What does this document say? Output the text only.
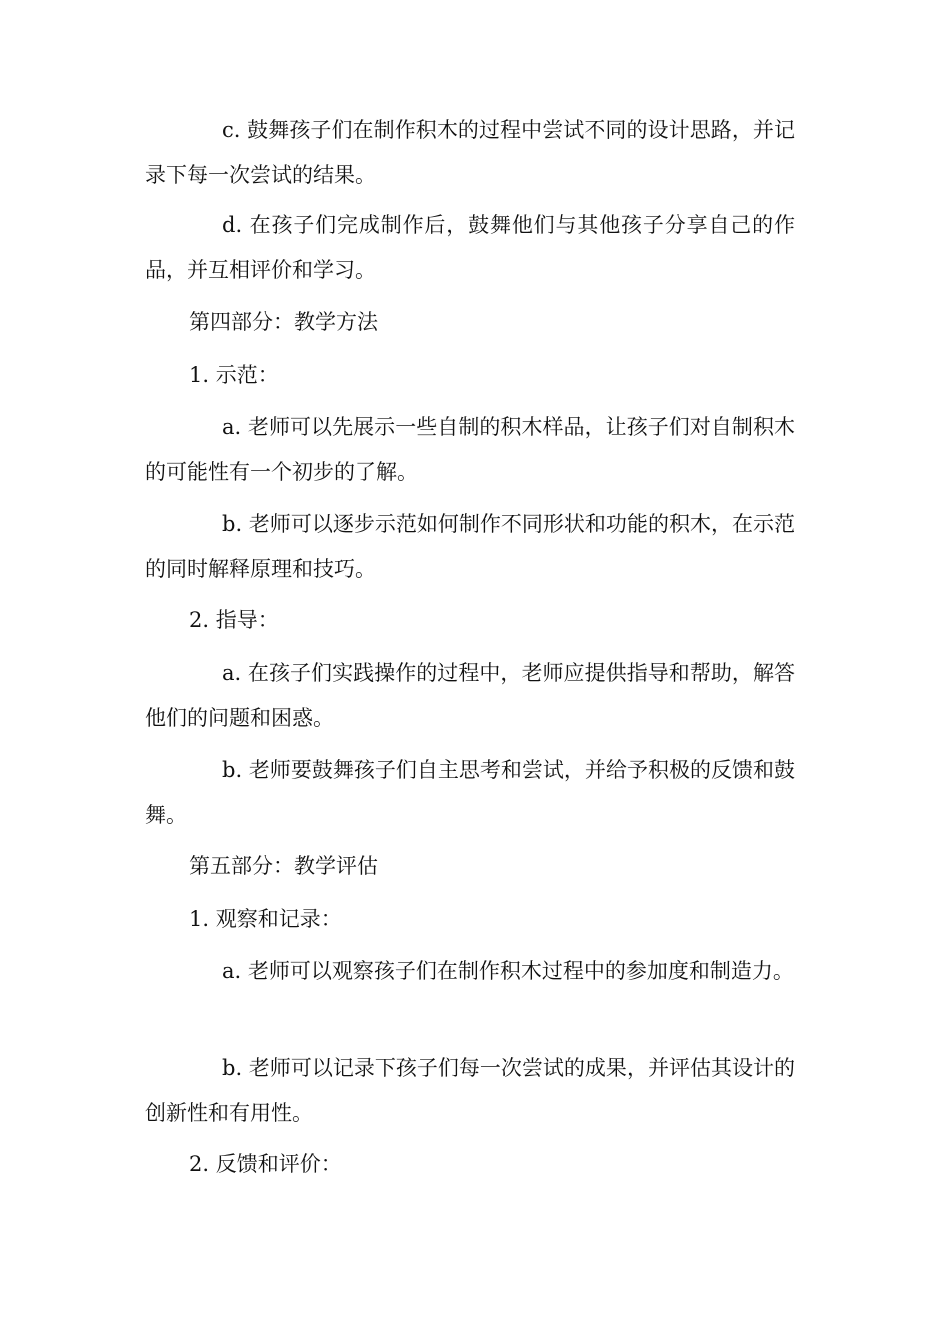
c. 鼓舞孩子们在制作积木的过程中尝试不同的设计思路，并记录下每一次尝试的结果。

d. 在孩子们完成制作后，鼓舞他们与其他孩子分享自己的作品，并互相评价和学习。

第四部分：教学方法

1. 示范：

a. 老师可以先展示一些自制的积木样品，让孩子们对自制积木的可能性有一个初步的了解。

b. 老师可以逐步示范如何制作不同形状和功能的积木，在示范的同时解释原理和技巧。

2. 指导：

a. 在孩子们实践操作的过程中，老师应提供指导和帮助，解答他们的问题和困惑。

b. 老师要鼓舞孩子们自主思考和尝试，并给予积极的反馈和鼓舞。

第五部分：教学评估

1. 观察和记录：

a. 老师可以观察孩子们在制作积木过程中的参加度和制造力。

b. 老师可以记录下孩子们每一次尝试的成果，并评估其设计的创新性和有用性。

2. 反馈和评价：
